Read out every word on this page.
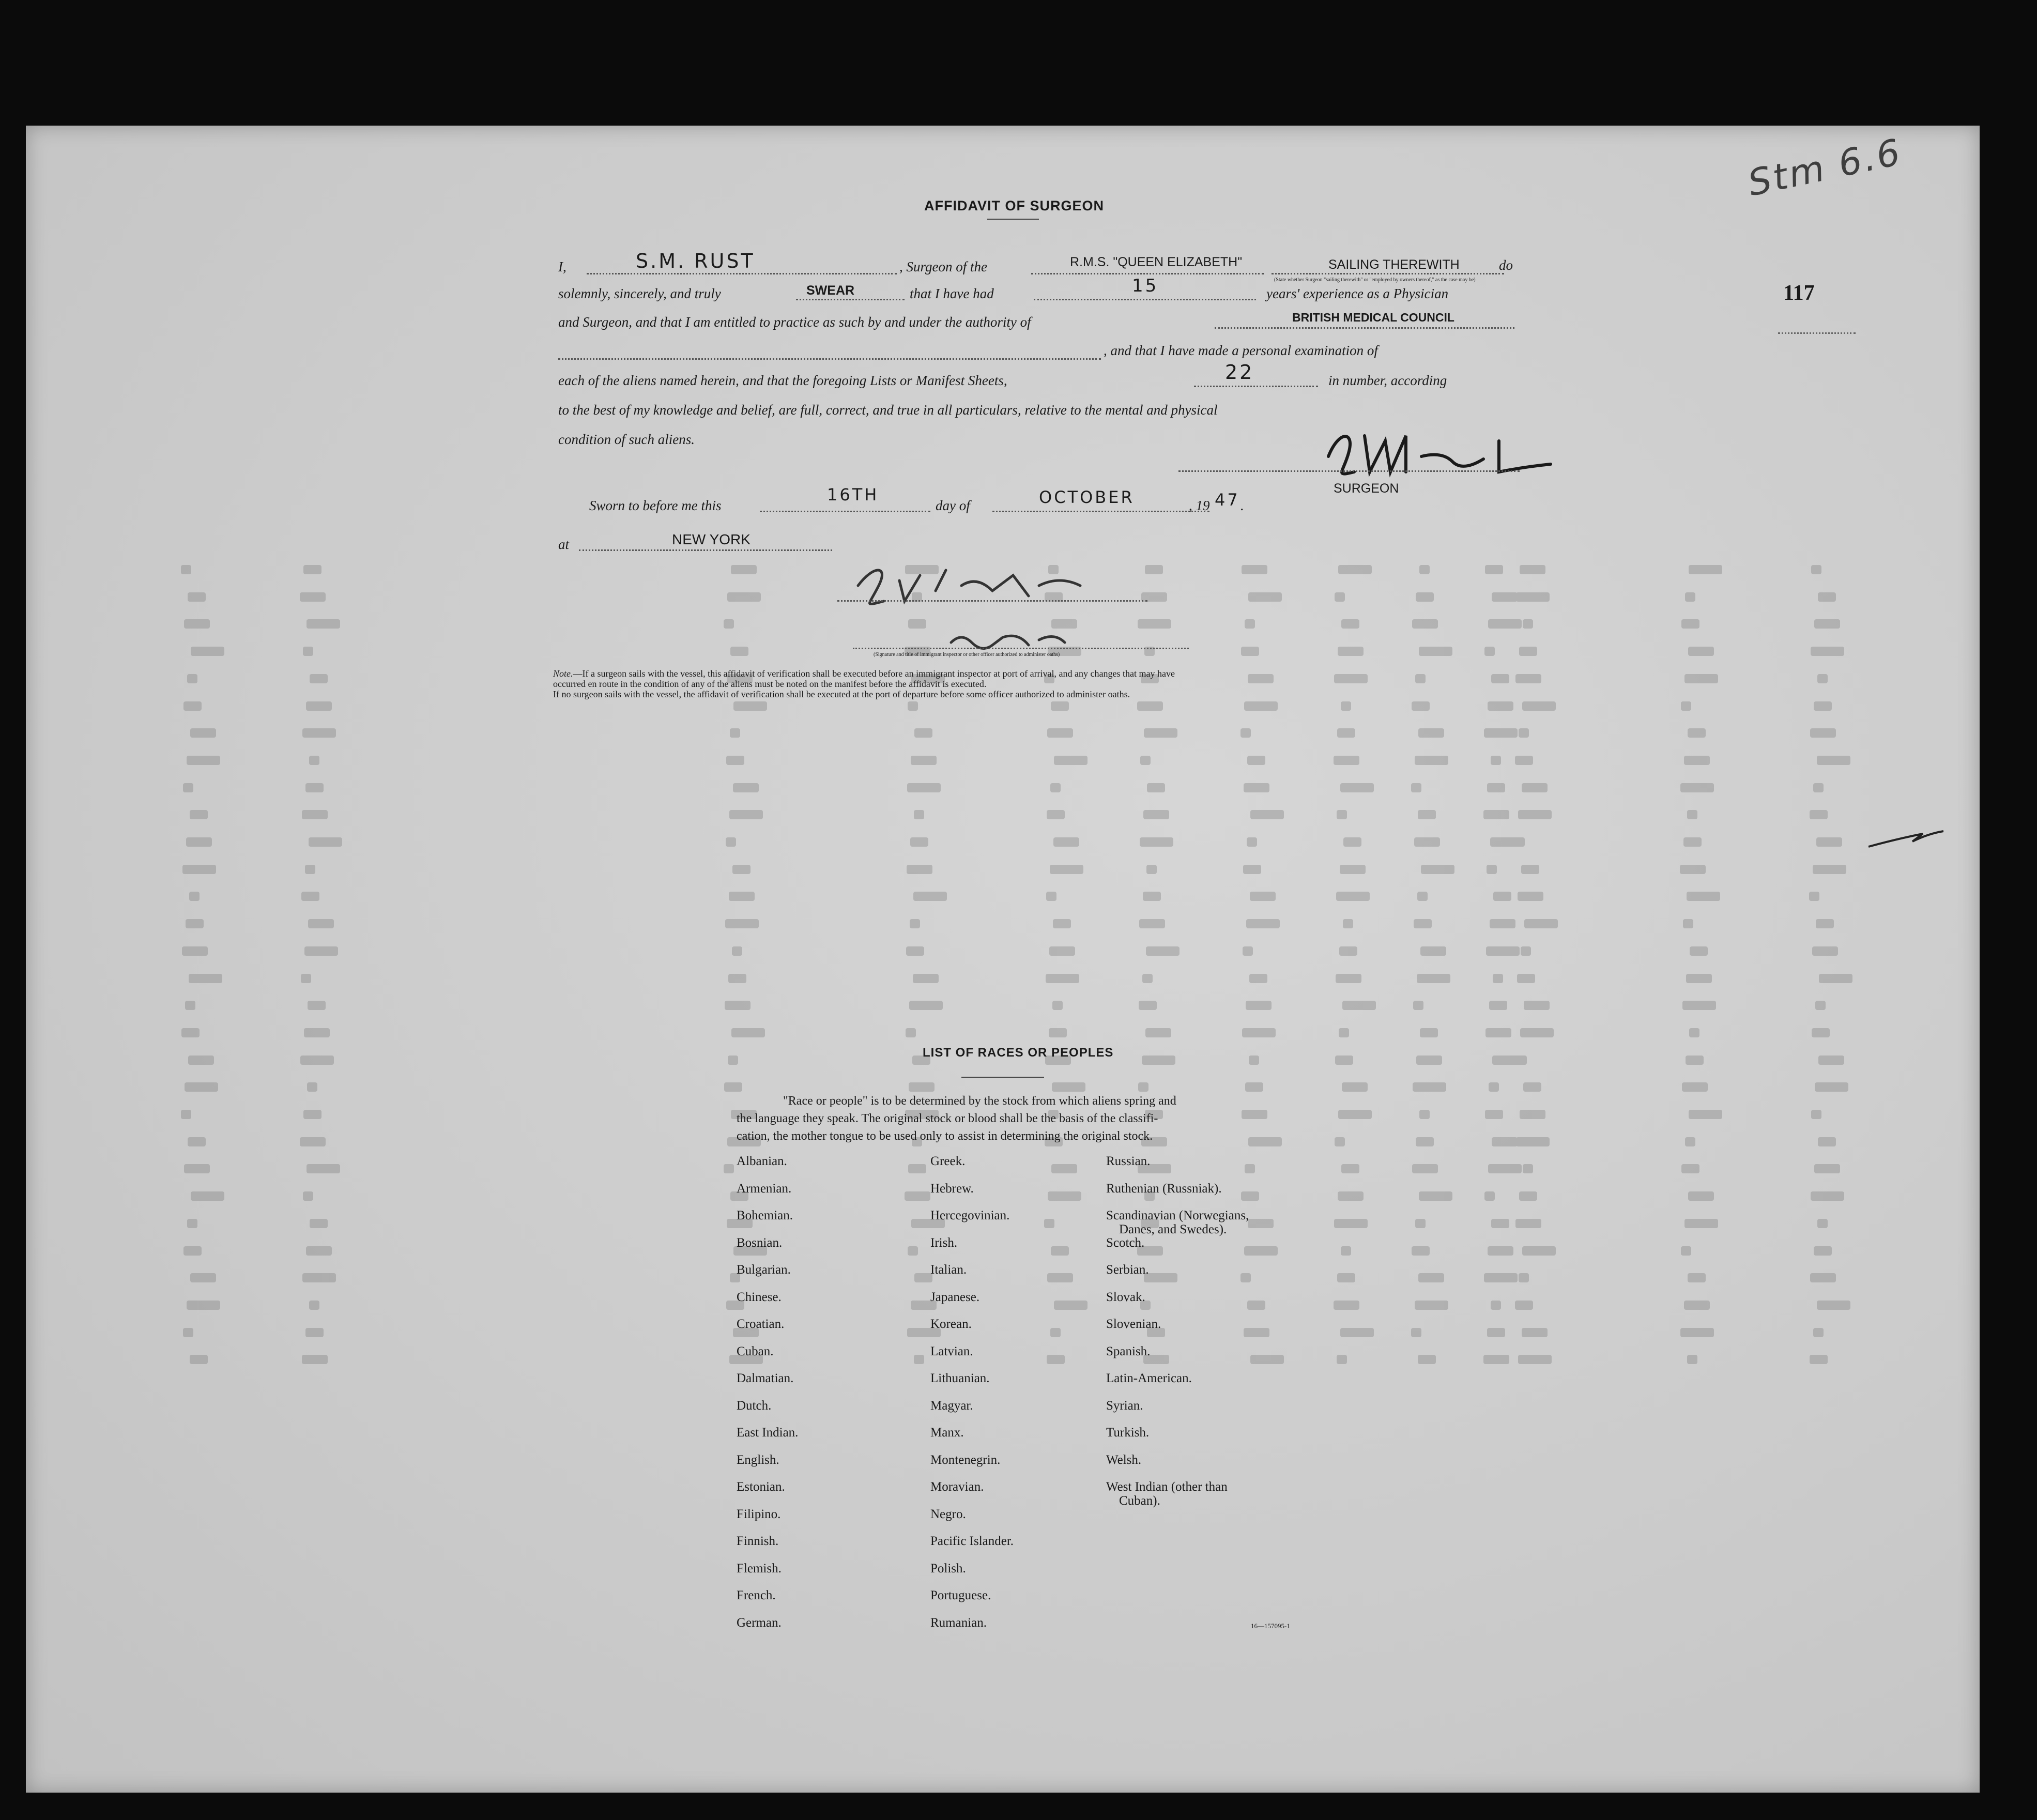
Stm 6.6
117
AFFIDAVIT OF SURGEON
I,	S.M. RUST	, Surgeon of the	R.M.S. "QUEEN ELIZABETH"	SAILING THEREWITH	do
(State whether Surgeon "sailing therewith" or "employed by owners thereof," as the case may be)
solemnly, sincerely, and truly	SWEAR	that I have had	15	years' experience as a Physician
and Surgeon, and that I am entitled to practice as such by and under the authority of	BRITISH MEDICAL COUNCIL
, and that I have made a personal examination of
each of the aliens named herein, and that the foregoing Lists or Manifest Sheets,	22	in number, according
to the best of my knowledge and belief, are full, correct, and true in all particulars, relative to the mental and physical
condition of such aliens.
SURGEON
Sworn to before me this
16TH
day of	OCTOBER	, 19 47 .
at	NEW YORK
(Signature and title of immigrant inspector or other officer authorized to administer oaths)
Note.—If a surgeon sails with the vessel, this affidavit of verification shall be executed before an immigrant inspector at port of arrival, and any changes that may have
occurred en route in the condition of any of the aliens must be noted on the manifest before the affidavit is executed.
If no surgeon sails with the vessel, the affidavit of verification shall be executed at the port of departure before some officer authorized to administer oaths.
LIST OF RACES OR PEOPLES
"Race or people" is to be determined by the stock from which aliens spring and
the language they speak. The original stock or blood shall be the basis of the classifi-
cation, the mother tongue to be used only to assist in determining the original stock.
Albanian.
Armenian.
Bohemian.
Bosnian.
Bulgarian.
Chinese.
Croatian.
Cuban.
Dalmatian.
Dutch.
East Indian.
English.
Estonian.
Filipino.
Finnish.
Flemish.
French.
German.
Greek.
Hebrew.
Hercegovinian.
Irish.
Italian.
Japanese.
Korean.
Latvian.
Lithuanian.
Magyar.
Manx.
Montenegrin.
Moravian.
Negro.
Pacific Islander.
Polish.
Portuguese.
Rumanian.
Russian.
Ruthenian (Russniak).
Scandinavian (Norwegians,
Danes, and Swedes).
Scotch.
Serbian.
Slovak.
Slovenian.
Spanish.
Latin-American.
Syrian.
Turkish.
Welsh.
West Indian (other than
Cuban).
16—157095-1
